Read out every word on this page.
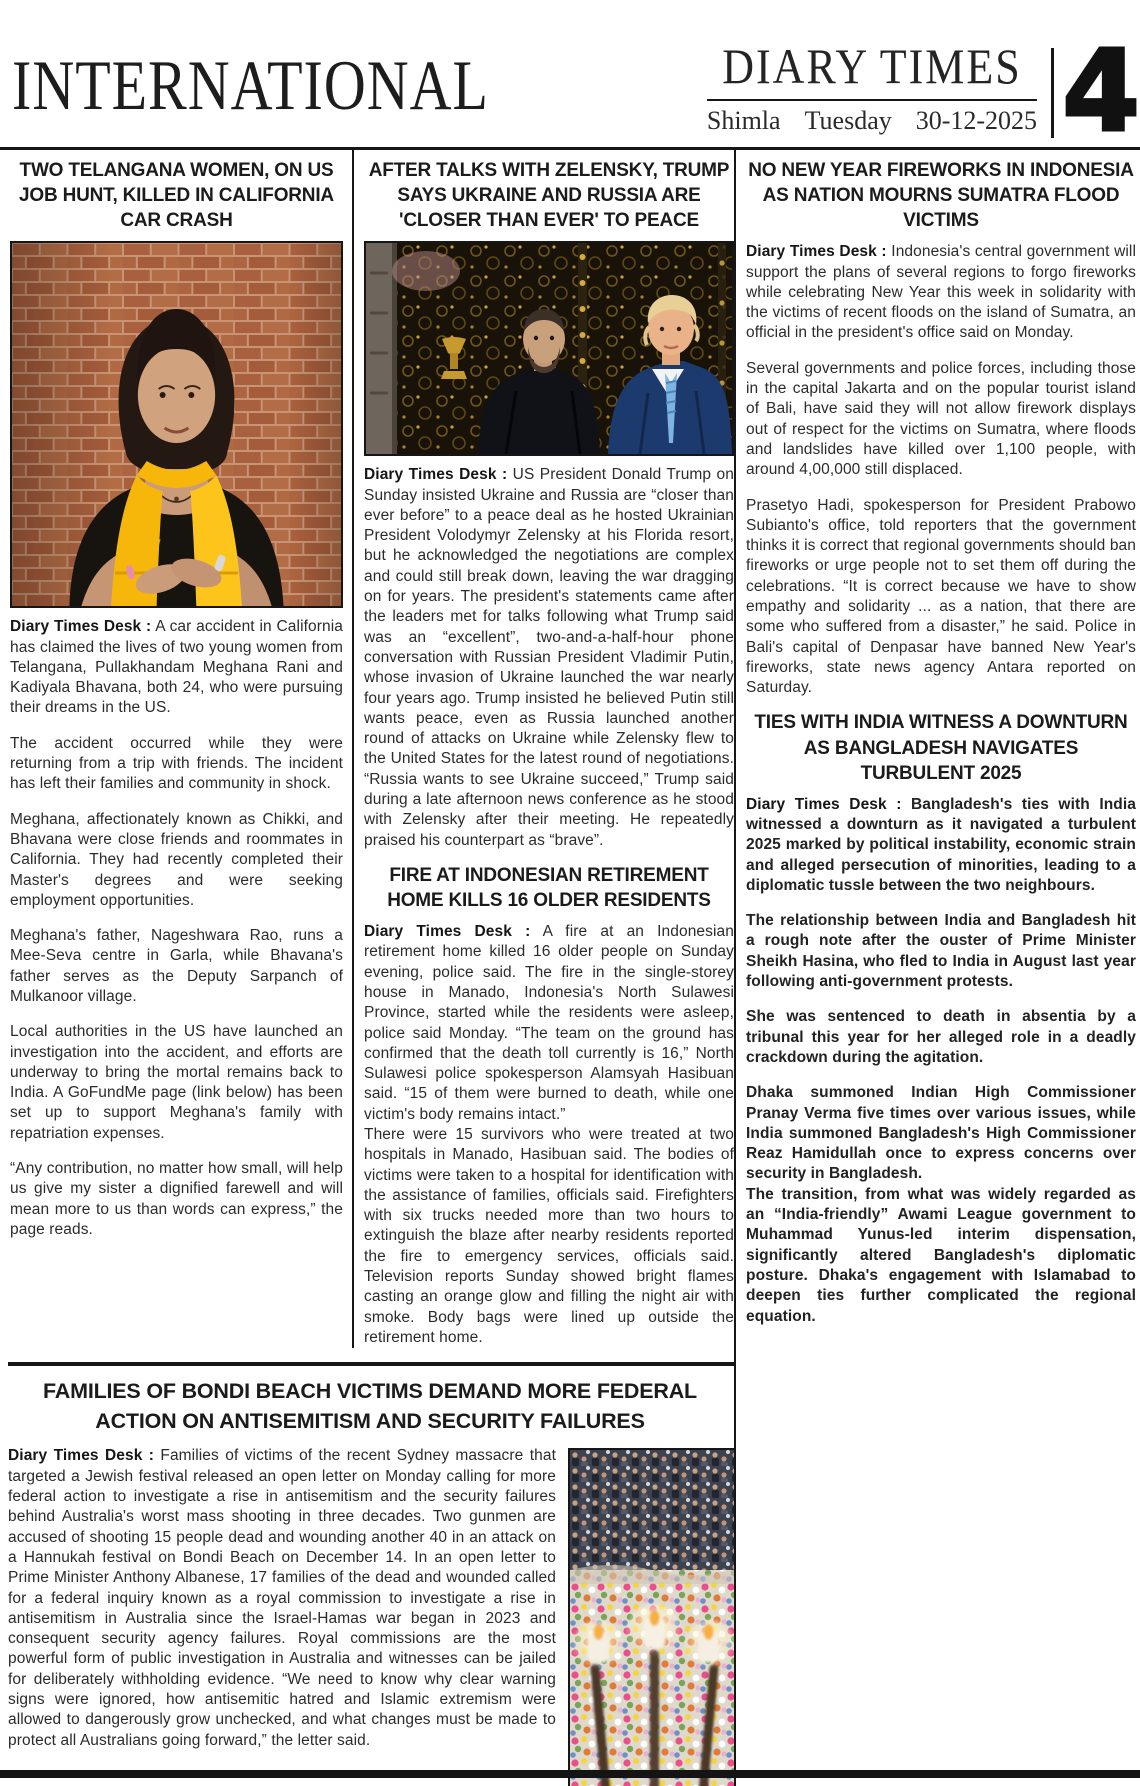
INTERNATIONAL	DIARY TIMES
Shimla Tuesday 30-12-2025 4
TWO TELANGANA WOMEN, ON US JOB HUNT, KILLED IN CALIFORNIA CAR CRASH

Diary Times Desk : A car accident in California has claimed the lives of two young women from Telangana, Pullakhandam Meghana Rani and Kadiyala Bhavana, both 24, who were pursuing their dreams in the US.

The accident occurred while they were returning from a trip with friends. The incident has left their families and community in shock.

Meghana, affectionately known as Chikki, and Bhavana were close friends and roommates in California. They had recently completed their Master's degrees and were seeking employment opportunities.

Meghana's father, Nageshwara Rao, runs a Mee-Seva centre in Garla, while Bhavana's father serves as the Deputy Sarpanch of Mulkanoor village.

Local authorities in the US have launched an investigation into the accident, and efforts are underway to bring the mortal remains back to India. A GoFundMe page (link below) has been set up to support Meghana's family with repatriation expenses.

“Any contribution, no matter how small, will help us give my sister a dignified farewell and will mean more to us than words can express,” the page reads.

AFTER TALKS WITH ZELENSKY, TRUMP SAYS UKRAINE AND RUSSIA ARE 'CLOSER THAN EVER' TO PEACE

Diary Times Desk : US President Donald Trump on Sunday insisted Ukraine and Russia are “closer than ever before” to a peace deal as he hosted Ukrainian President Volodymyr Zelensky at his Florida resort, but he acknowledged the negotiations are complex and could still break down, leaving the war dragging on for years. The president's statements came after the leaders met for talks following what Trump said was an “excellent”, two-and-a-half-hour phone conversation with Russian President Vladimir Putin, whose invasion of Ukraine launched the war nearly four years ago. Trump insisted he believed Putin still wants peace, even as Russia launched another round of attacks on Ukraine while Zelensky flew to the United States for the latest round of negotiations. “Russia wants to see Ukraine succeed,” Trump said during a late afternoon news conference as he stood with Zelensky after their meeting. He repeatedly praised his counterpart as “brave”.

FIRE AT INDONESIAN RETIREMENT HOME KILLS 16 OLDER RESIDENTS

Diary Times Desk : A fire at an Indonesian retirement home killed 16 older people on Sunday evening, police said. The fire in the single-storey house in Manado, Indonesia's North Sulawesi Province, started while the residents were asleep, police said Monday. “The team on the ground has confirmed that the death toll currently is 16,” North Sulawesi police spokesperson Alamsyah Hasibuan said. “15 of them were burned to death, while one victim's body remains intact.”

There were 15 survivors who were treated at two hospitals in Manado, Hasibuan said. The bodies of victims were taken to a hospital for identification with the assistance of families, officials said. Firefighters with six trucks needed more than two hours to extinguish the blaze after nearby residents reported the fire to emergency services, officials said. Television reports Sunday showed bright flames casting an orange glow and filling the night air with smoke. Body bags were lined up outside the retirement home.

FAMILIES OF BONDI BEACH VICTIMS DEMAND MORE FEDERAL ACTION ON ANTISEMITISM AND SECURITY FAILURES

Diary Times Desk : Families of victims of the recent Sydney massacre that targeted a Jewish festival released an open letter on Monday calling for more federal action to investigate a rise in antisemitism and the security failures behind Australia's worst mass shooting in three decades. Two gunmen are accused of shooting 15 people dead and wounding another 40 in an attack on a Hannukah festival on Bondi Beach on December 14. In an open letter to Prime Minister Anthony Albanese, 17 families of the dead and wounded called for a federal inquiry known as a royal commission to investigate a rise in antisemitism in Australia since the Israel-Hamas war began in 2023 and consequent security agency failures. Royal commissions are the most powerful form of public investigation in Australia and witnesses can be jailed for deliberately withholding evidence. “We need to know why clear warning signs were ignored, how antisemitic hatred and Islamic extremism were allowed to dangerously grow unchecked, and what changes must be made to protect all Australians going forward,” the letter said.

NO NEW YEAR FIREWORKS IN INDONESIA AS NATION MOURNS SUMATRA FLOOD VICTIMS

Diary Times Desk : Indonesia's central government will support the plans of several regions to forgo fireworks while celebrating New Year this week in solidarity with the victims of recent floods on the island of Sumatra, an official in the president's office said on Monday.

Several governments and police forces, including those in the capital Jakarta and on the popular tourist island of Bali, have said they will not allow firework displays out of respect for the victims on Sumatra, where floods and landslides have killed over 1,100 people, with around 4,00,000 still displaced.

Prasetyo Hadi, spokesperson for President Prabowo Subianto's office, told reporters that the government thinks it is correct that regional governments should ban fireworks or urge people not to set them off during the celebrations. “It is correct because we have to show empathy and solidarity ... as a nation, that there are some who suffered from a disaster,” he said. Police in Bali's capital of Denpasar have banned New Year's fireworks, state news agency Antara reported on Saturday.

TIES WITH INDIA WITNESS A DOWNTURN AS BANGLADESH NAVIGATES TURBULENT 2025

Diary Times Desk : Bangladesh's ties with India witnessed a downturn as it navigated a turbulent 2025 marked by political instability, economic strain and alleged persecution of minorities, leading to a diplomatic tussle between the two neighbours.

The relationship between India and Bangladesh hit a rough note after the ouster of Prime Minister Sheikh Hasina, who fled to India in August last year following anti-government protests.

She was sentenced to death in absentia by a tribunal this year for her alleged role in a deadly crackdown during the agitation.

Dhaka summoned Indian High Commissioner Pranay Verma five times over various issues, while India summoned Bangladesh's High Commissioner Reaz Hamidullah once to express concerns over security in Bangladesh.

The transition, from what was widely regarded as an “India-friendly” Awami League government to Muhammad Yunus-led interim dispensation, significantly altered Bangladesh's diplomatic posture. Dhaka's engagement with Islamabad to deepen ties further complicated the regional equation.
